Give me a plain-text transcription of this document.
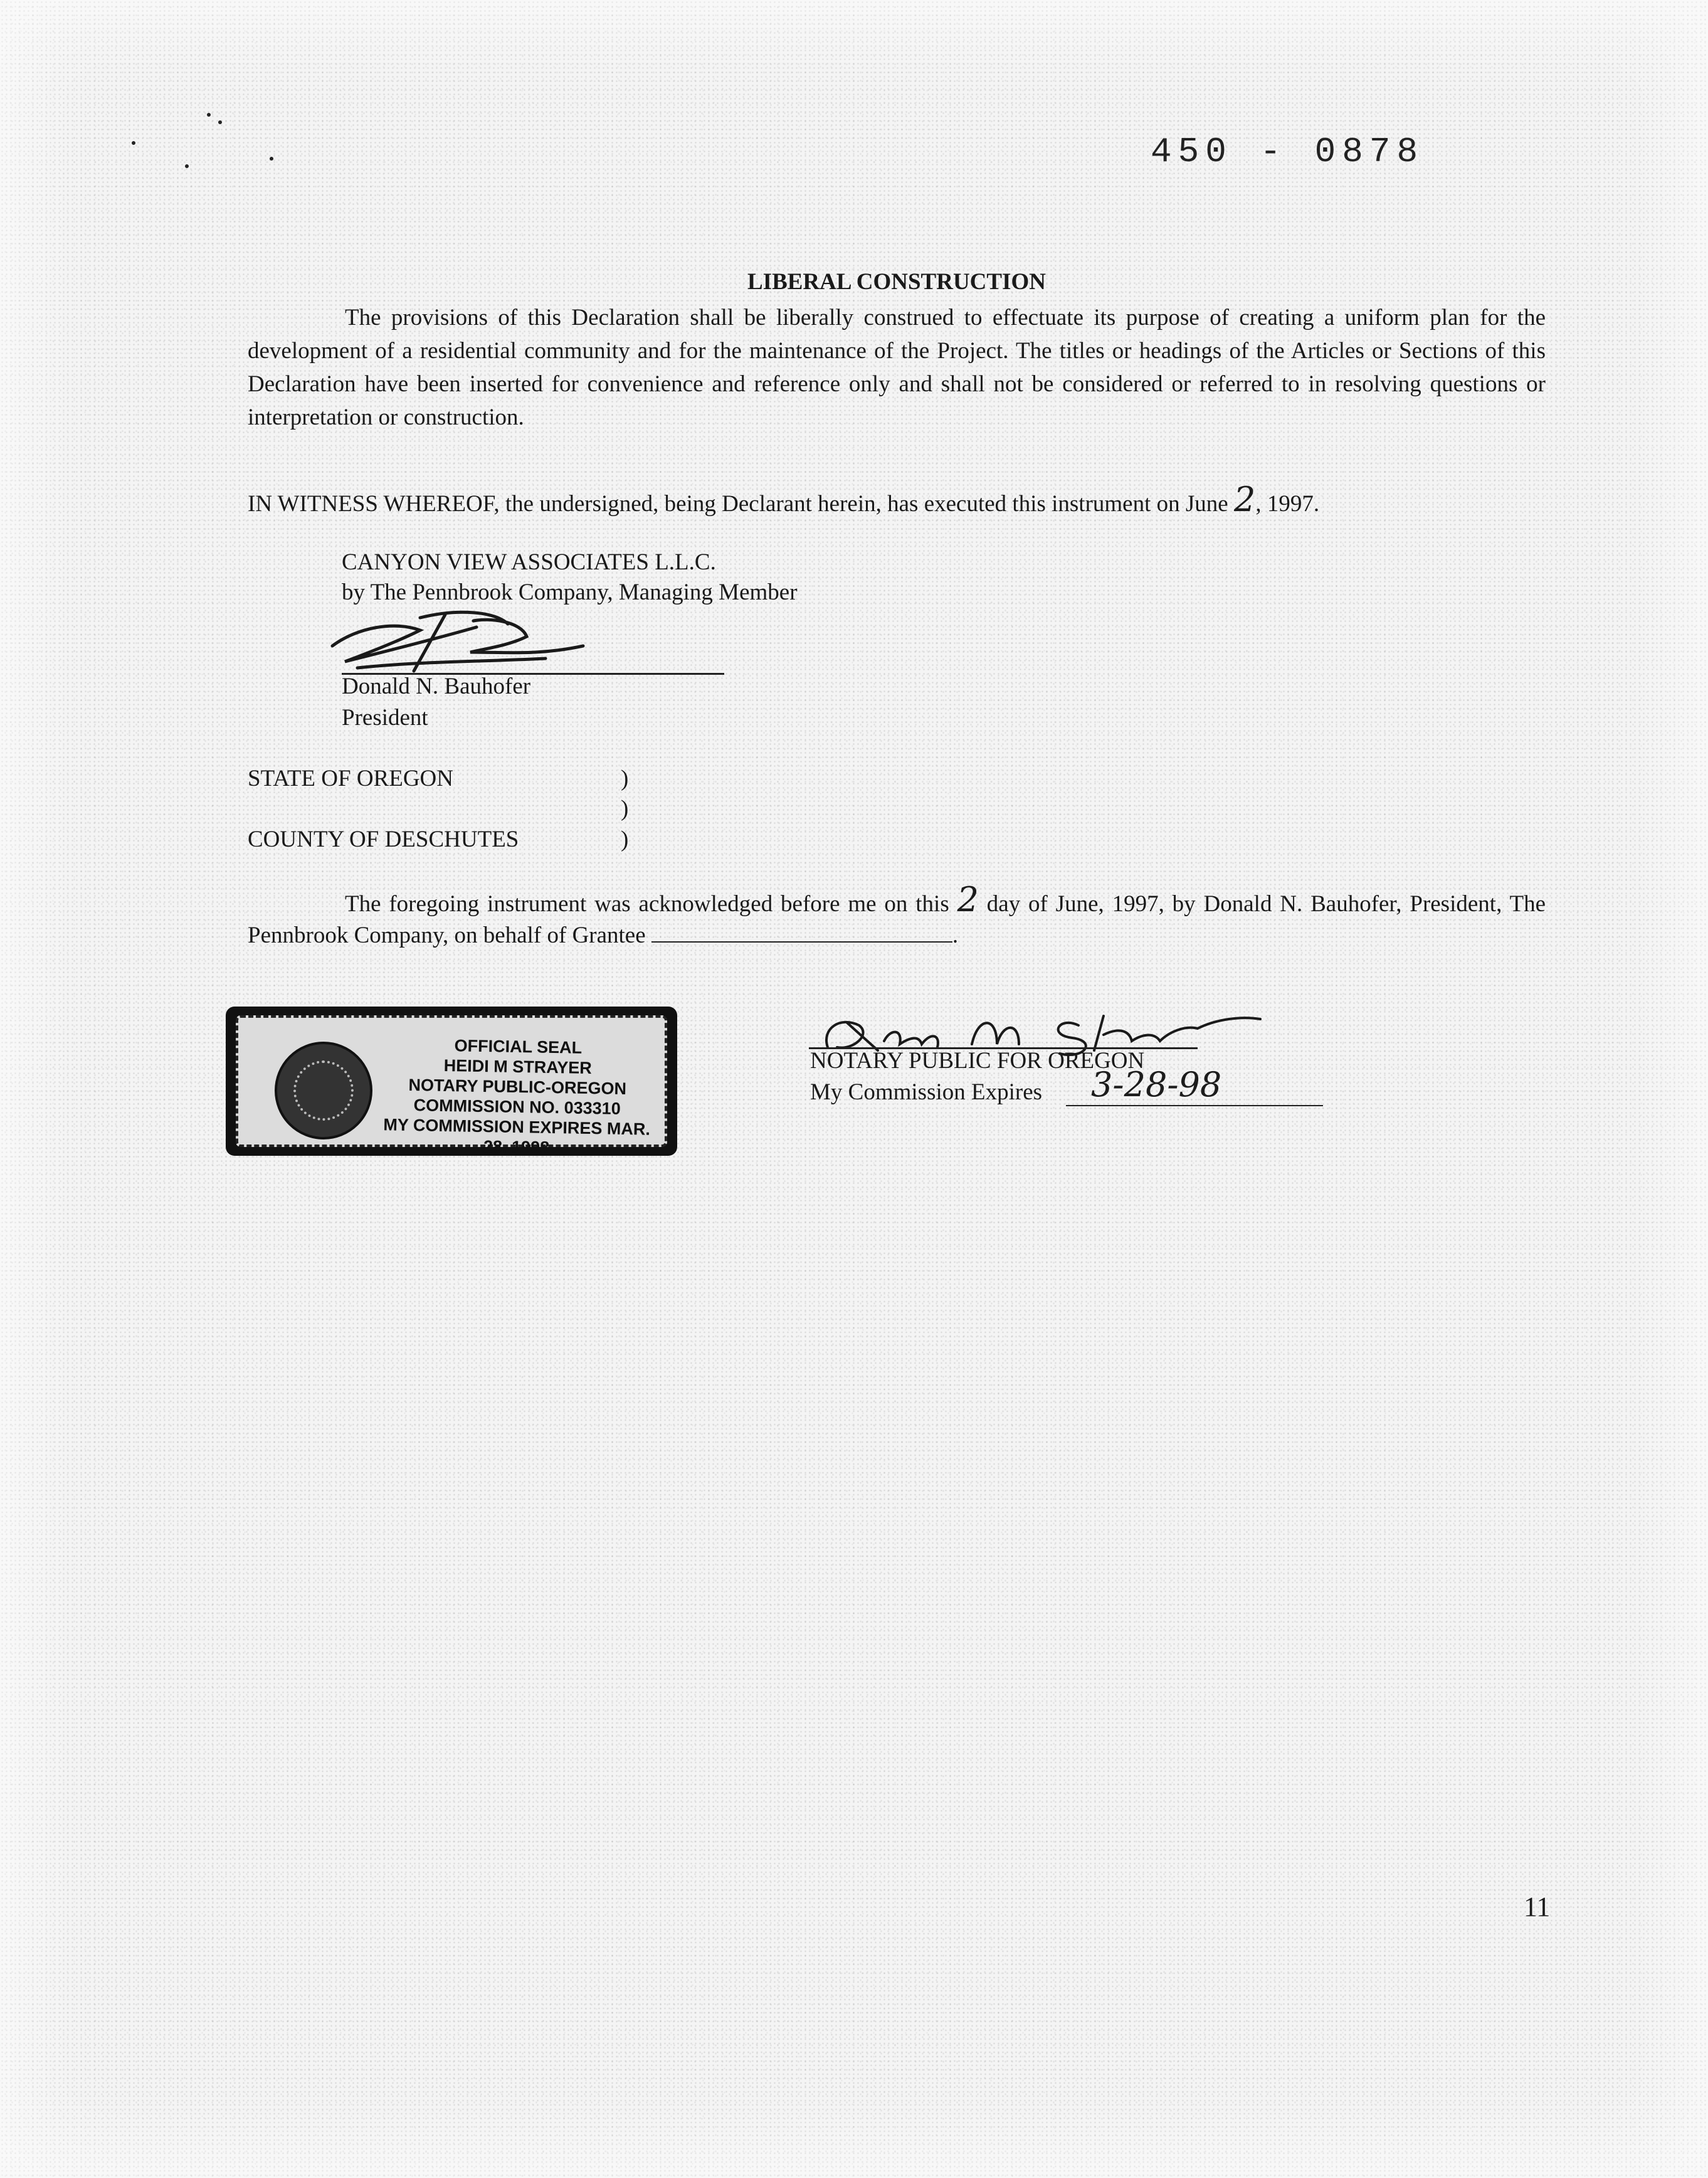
450 - 0878
LIBERAL CONSTRUCTION
The provisions of this Declaration shall be liberally construed to effectuate its purpose of creating a uniform plan for the development of a residential community and for the maintenance of the Project. The titles or headings of the Articles or Sections of this Declaration have been inserted for convenience and reference only and shall not be considered or referred to in resolving questions or interpretation or construction.
IN WITNESS WHEREOF, the undersigned, being Declarant herein, has executed this instrument on June 2, 1997.
CANYON VIEW ASSOCIATES L.L.C.
by The Pennbrook Company, Managing Member
Donald N. Bauhofer
President
STATE OF OREGON	)
)
)
COUNTY OF DESCHUTES
The foregoing instrument was acknowledged before me on this 2 day of June, 1997, by Donald N. Bauhofer, President, The Pennbrook Company, on behalf of Grantee	.
OFFICIAL SEAL
HEIDI M STRAYER
NOTARY PUBLIC-OREGON
COMMISSION NO. 033310
MY COMMISSION EXPIRES MAR. 28, 1998
NOTARY PUBLIC FOR OREGON
My Commission Expires 3-28-98
11
